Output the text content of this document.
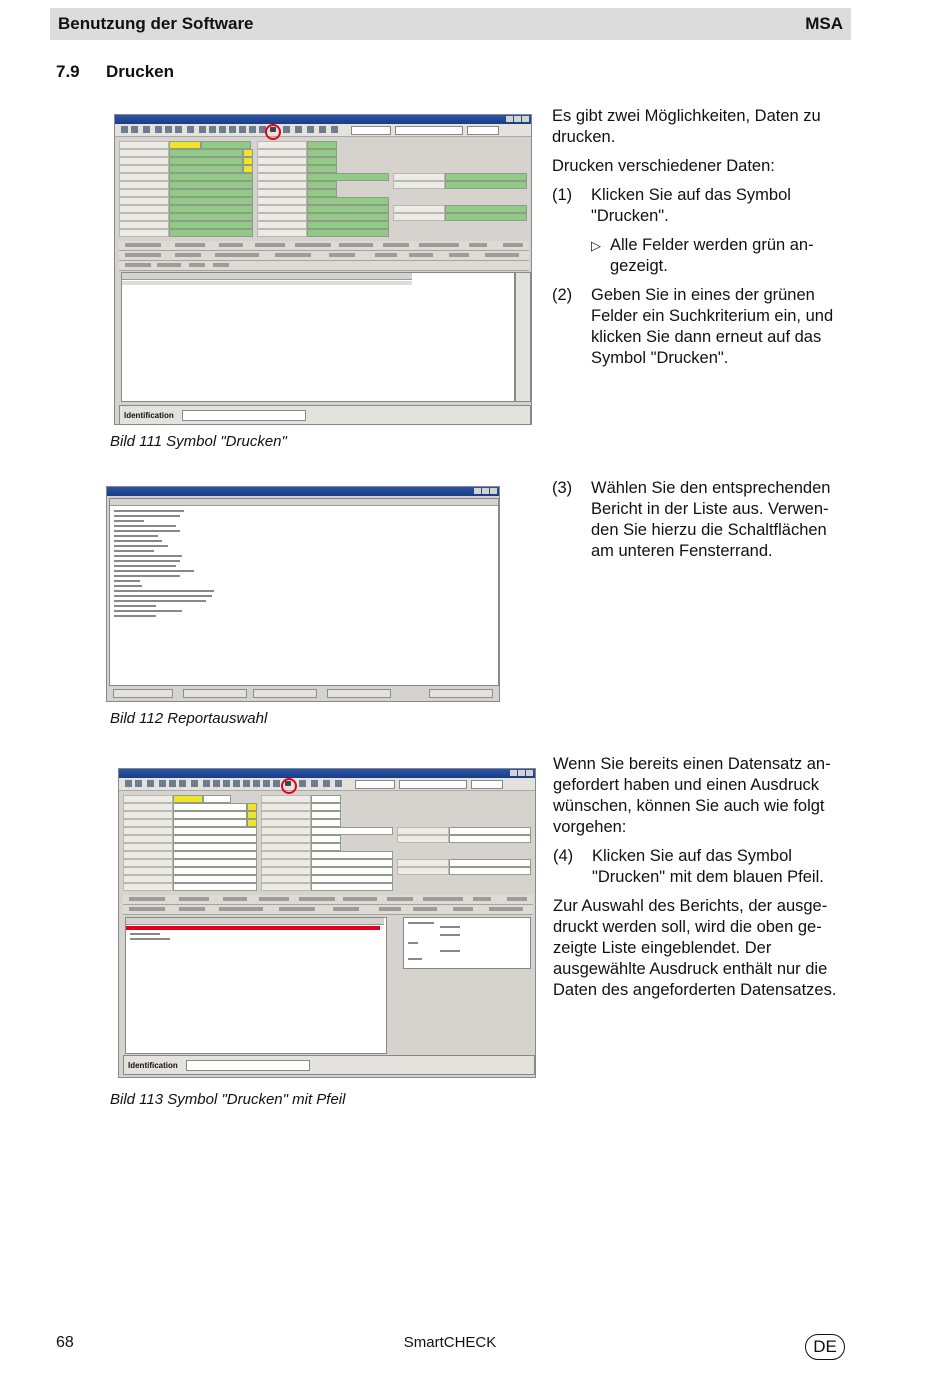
Benutzung der Software	MSA
7.9 Drucken
Identification
Bild 111 Symbol "Drucken"

Es gibt zwei Möglichkeiten, Daten zu drucken.

Drucken verschiedener Daten:

(1)	Klicken Sie auf das Symbol "Drucken".
▷ Alle Felder werden grün an- gezeigt.
(2)	Geben Sie in eines der grünen Felder ein Suchkriterium ein, und klicken Sie dann erneut auf das Symbol "Drucken".
Bild 112 Reportauswahl
(3)	Wählen Sie den entsprechenden Bericht in der Liste aus. Verwen- den Sie hierzu die Schaltflächen am unteren Fensterrand.
Identification
Bild 113 Symbol "Drucken" mit Pfeil

Wenn Sie bereits einen Datensatz an- gefordert haben und einen Ausdruck wünschen, können Sie auch wie folgt vorgehen:

(4)	Klicken Sie auf das Symbol "Drucken" mit dem blauen Pfeil.

Zur Auswahl des Berichts, der ausge- druckt werden soll, wird die oben ge- zeigte Liste eingeblendet. Der ausgewählte Ausdruck enthält nur die Daten des angeforderten Datensatzes.

68	SmartCHECK	DE
